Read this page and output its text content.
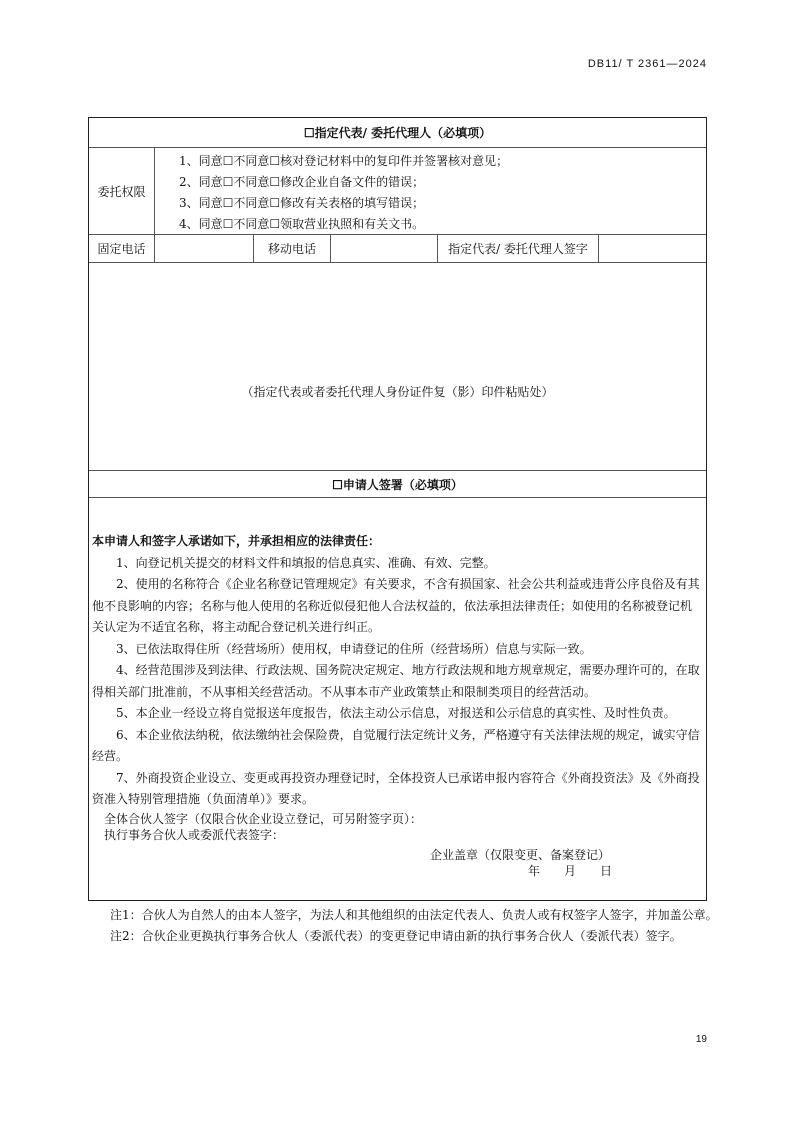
DB11/ T 2361—2024
☐指定代表/ 委托代理人（必填项）
委托权限
1、同意☐不同意☐核对登记材料中的复印件并签署核对意见；
2、同意☐不同意☐修改企业自备文件的错误；
3、同意☐不同意☐修改有关表格的填写错误；
4、同意☐不同意☐领取营业执照和有关文书。
固定电话	移动电话	指定代表/ 委托代理人签字
（指定代表或者委托代理人身份证件复（影）印件粘贴处）
☐申请人签署（必填项）

本申请人和签字人承诺如下，并承担相应的法律责任：

1、向登记机关提交的材料文件和填报的信息真实、准确、有效、完整。

2、使用的名称符合《企业名称登记管理规定》有关要求，不含有损国家、社会公共利益或违背公序良俗及有其他不良影响的内容；名称与他人使用的名称近似侵犯他人合法权益的，依法承担法律责任；如使用的名称被登记机关认定为不适宜名称，将主动配合登记机关进行纠正。

3、已依法取得住所（经营场所）使用权，申请登记的住所（经营场所）信息与实际一致。

4、经营范围涉及到法律、行政法规、国务院决定规定、地方行政法规和地方规章规定，需要办理许可的，在取得相关部门批准前，不从事相关经营活动。不从事本市产业政策禁止和限制类项目的经营活动。

5、本企业一经设立将自觉报送年度报告，依法主动公示信息，对报送和公示信息的真实性、及时性负责。

6、本企业依法纳税，依法缴纳社会保险费，自觉履行法定统计义务，严格遵守有关法律法规的规定，诚实守信经营。

7、外商投资企业设立、变更或再投资办理登记时，全体投资人已承诺申报内容符合《外商投资法》及《外商投资准入特别管理措施（负面清单）》要求。

全体合伙人签字（仅限合伙企业设立登记，可另附签字页）：

执行事务合伙人或委派代表签字：

企业盖章（仅限变更、备案登记）

年　　月　　日

注1：合伙人为自然人的由本人签字，为法人和其他组织的由法定代表人、负责人或有权签字人签字，并加盖公章。

注2：合伙企业更换执行事务合伙人（委派代表）的变更登记申请由新的执行事务合伙人（委派代表）签字。

19
